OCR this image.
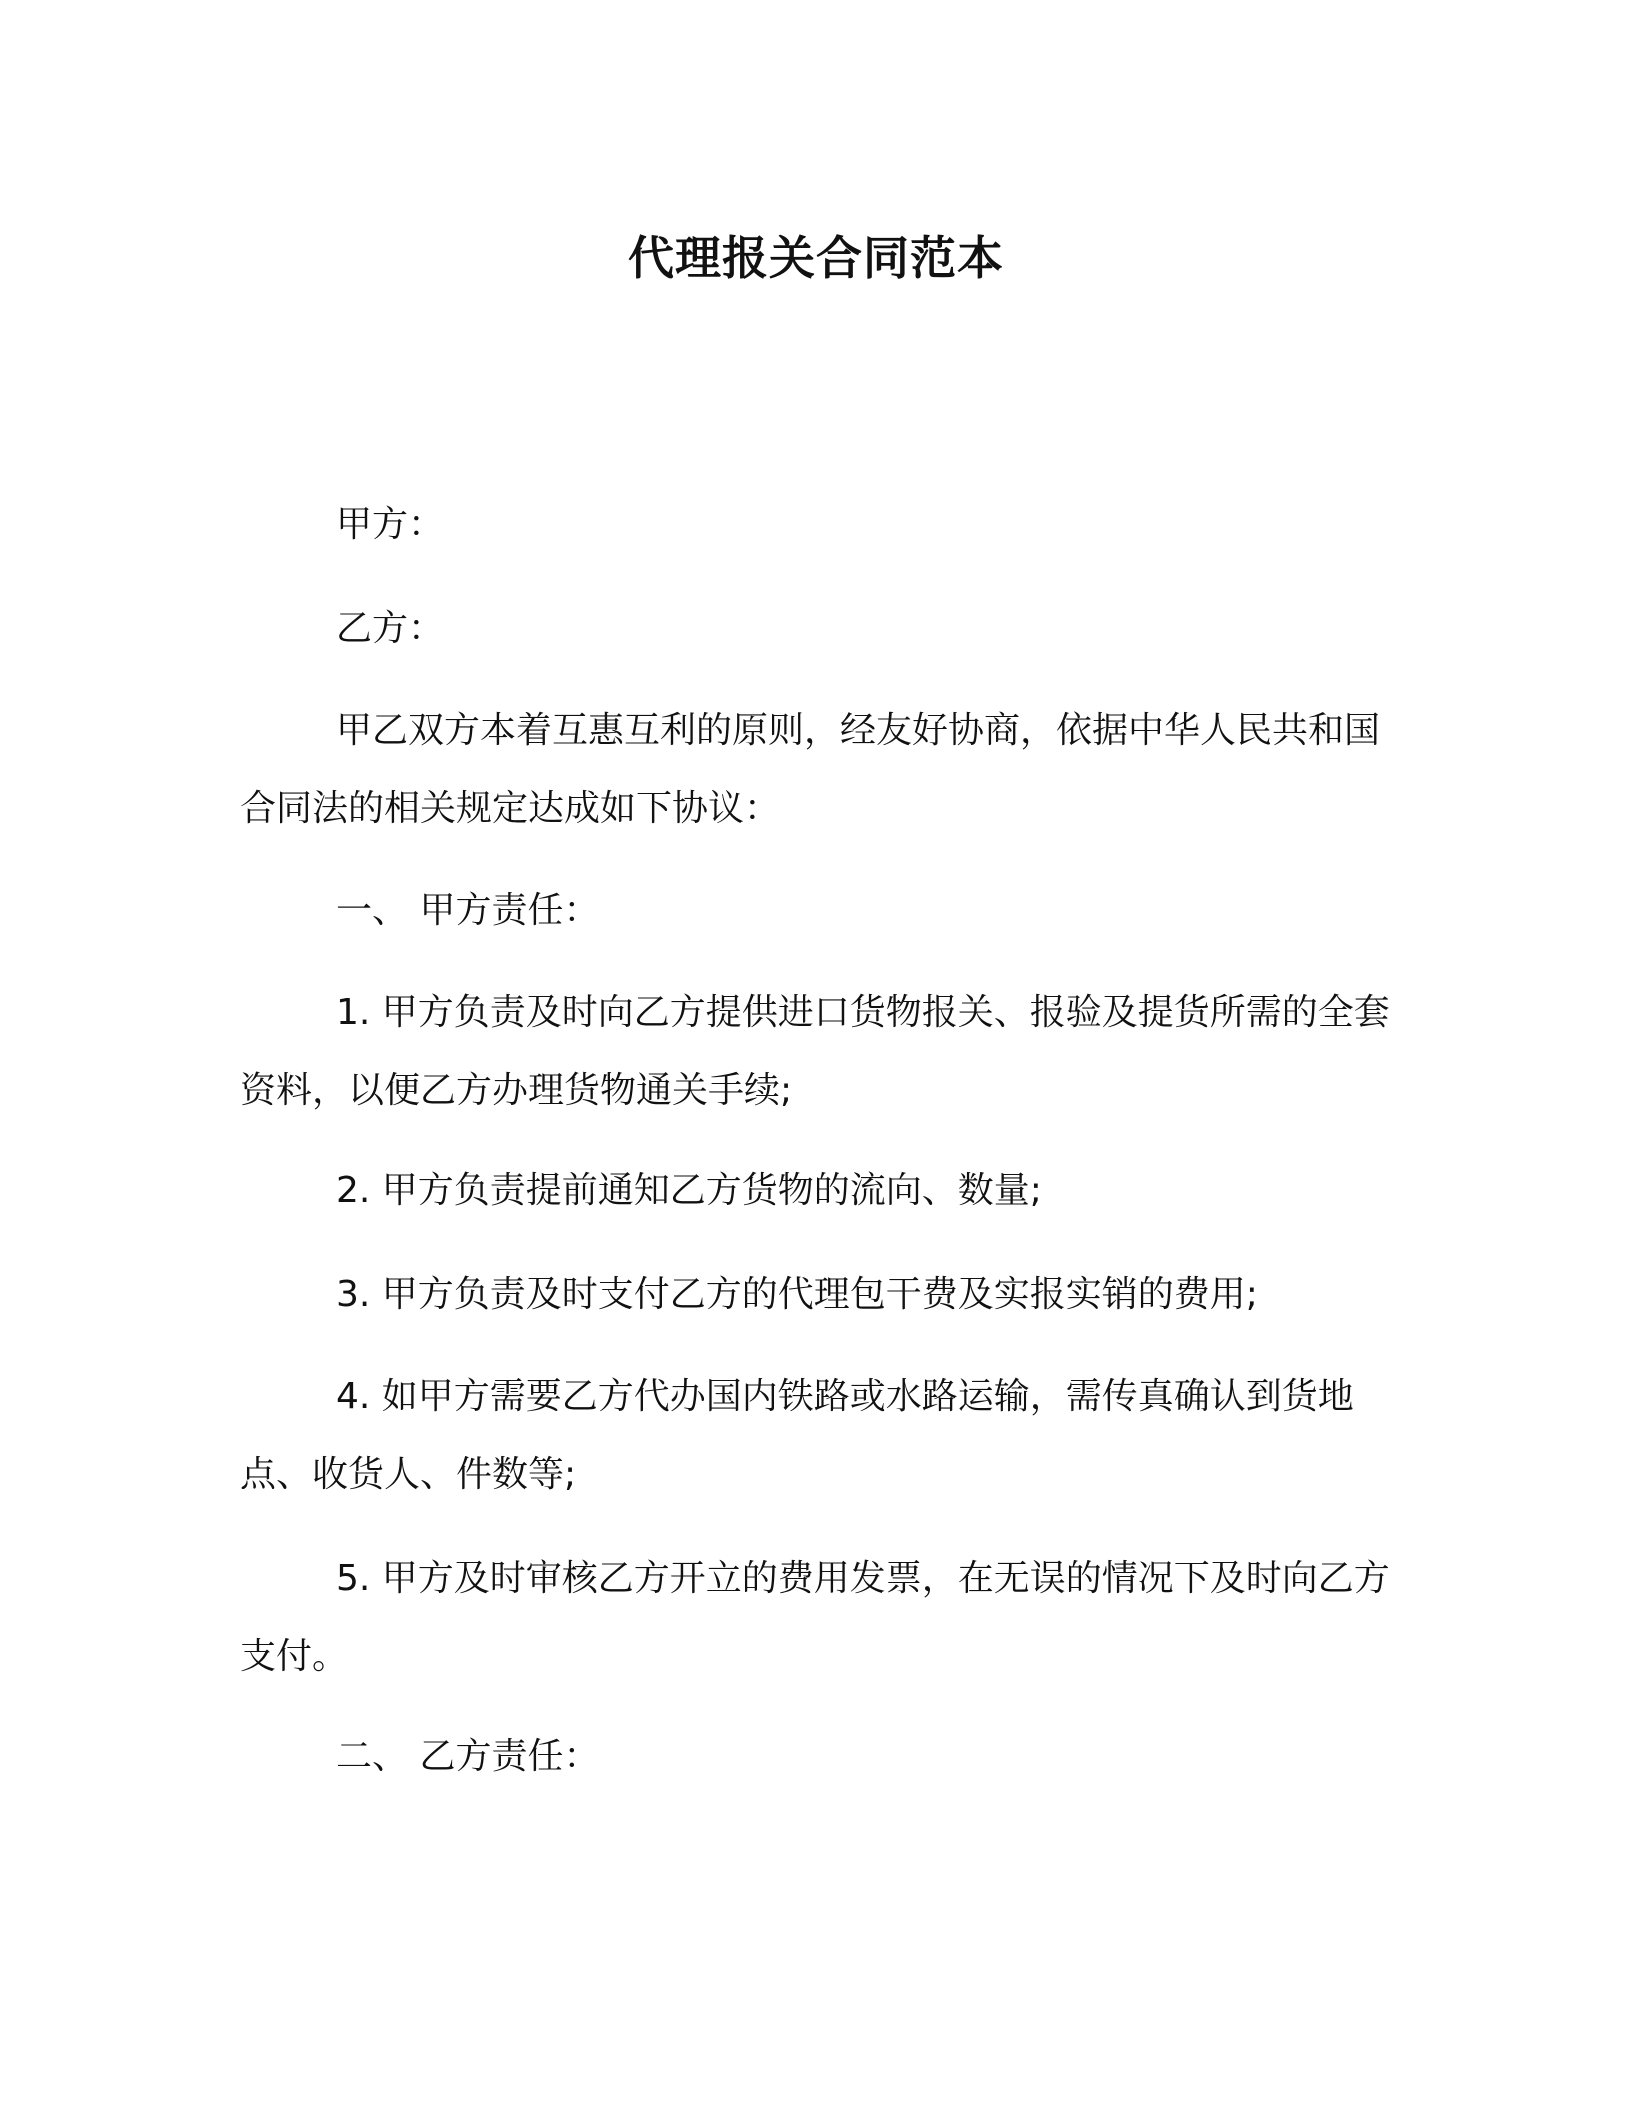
代理报关合同范本

甲方：

乙方：

甲乙双方本着互惠互利的原则，经友好协商，依据中华人民共和国合同法的相关规定达成如下协议：

一、 甲方责任：

1. 甲方负责及时向乙方提供进口货物报关、报验及提货所需的全套资料，以便乙方办理货物通关手续;

2. 甲方负责提前通知乙方货物的流向、数量;

3. 甲方负责及时支付乙方的代理包干费及实报实销的费用;

4. 如甲方需要乙方代办国内铁路或水路运输，需传真确认到货地点、收货人、件数等;

5. 甲方及时审核乙方开立的费用发票，在无误的情况下及时向乙方支付。

二、 乙方责任：
